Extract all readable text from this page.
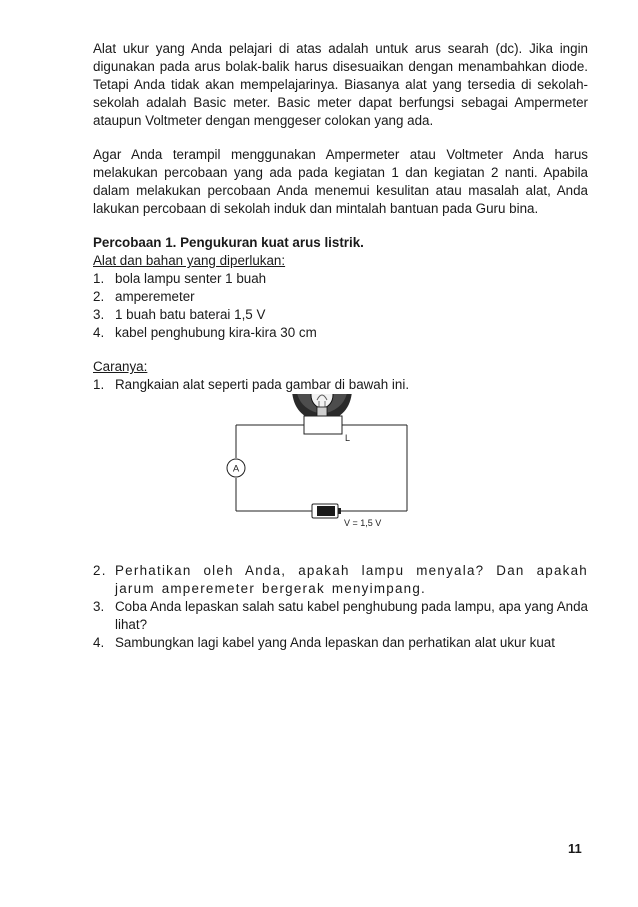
Alat ukur yang Anda pelajari di atas adalah untuk arus searah (dc). Jika ingin digunakan pada arus bolak-balik harus disesuaikan dengan menambahkan diode. Tetapi Anda tidak akan mempelajarinya. Biasanya alat yang tersedia di sekolah-sekolah adalah Basic meter. Basic meter dapat berfungsi sebagai Ampermeter ataupun Voltmeter dengan menggeser colokan yang ada.

Agar Anda terampil menggunakan Ampermeter atau Voltmeter Anda harus melakukan percobaan yang ada pada kegiatan 1 dan kegiatan 2 nanti. Apabila dalam melakukan percobaan Anda menemui kesulitan atau masalah alat, Anda lakukan percobaan di sekolah induk dan mintalah bantuan pada Guru bina.

Percobaan 1. Pengukuran kuat arus listrik.

Alat dan bahan yang diperlukan:

1. bola lampu senter 1 buah
2. amperemeter
3. 1 buah batu baterai 1,5 V
4. kabel penghubung kira-kira 30 cm

Caranya:

1. Rangkaian alat seperti pada gambar di bawah ini.
L
A
V = 1,5 V
2. Perhatikan oleh Anda, apakah lampu menyala? Dan apakah jarum amperemeter bergerak menyimpang.
3. Coba Anda lepaskan salah satu kabel penghubung pada lampu, apa yang Anda lihat?
4. Sambungkan lagi kabel yang Anda lepaskan dan perhatikan alat ukur kuat
11
